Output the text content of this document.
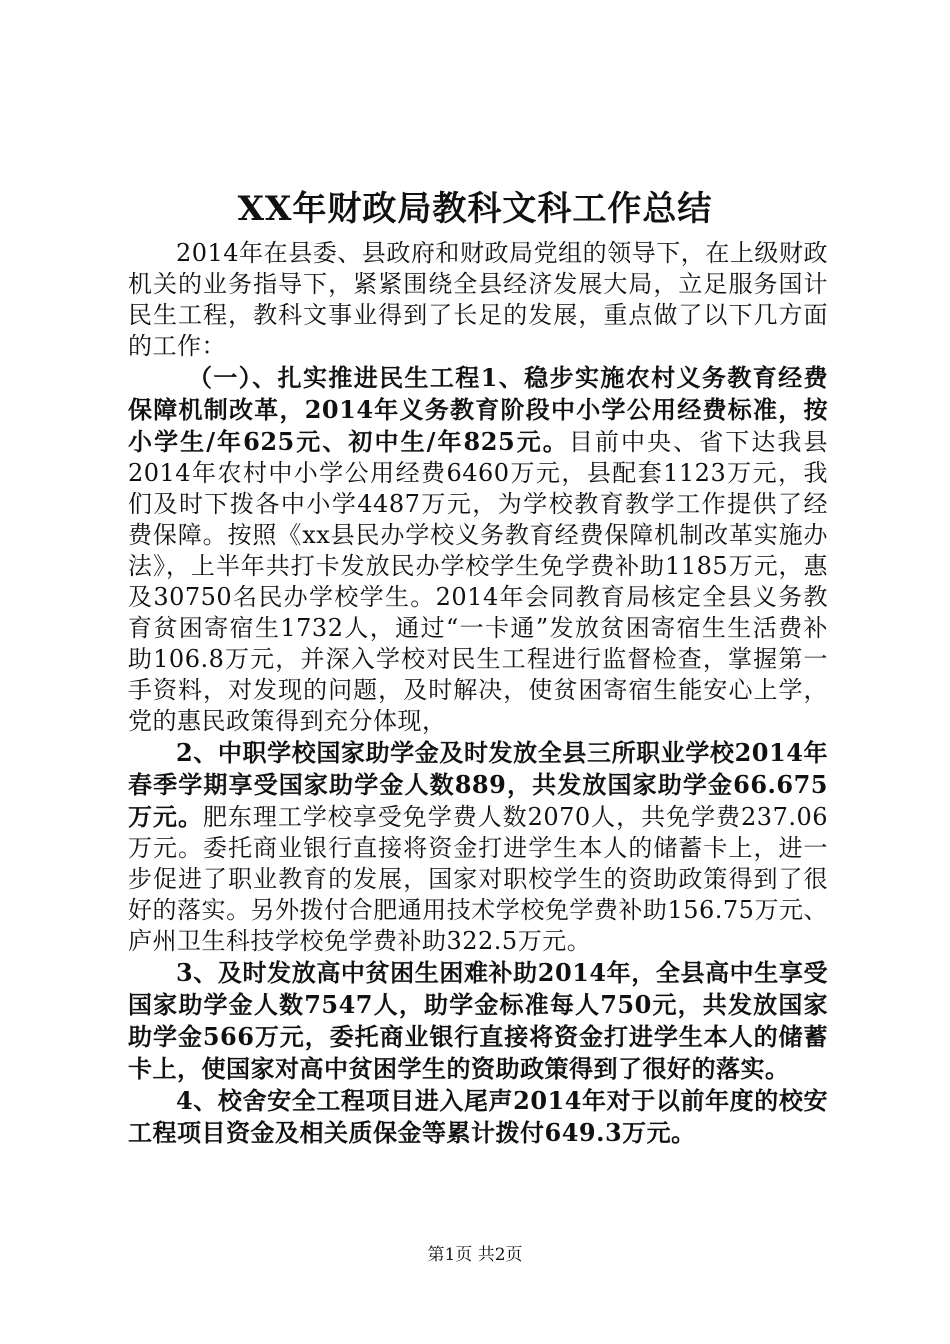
XX年财政局教科文科工作总结

2014年在县委、县政府和财政局党组的领导下，在上级财政机关的业务指导下，紧紧围绕全县经济发展大局，立足服务国计民生工程，教科文事业得到了长足的发展，重点做了以下几方面的工作：

（一）、扎实推进民生工程1、稳步实施农村义务教育经费保障机制改革，2014年义务教育阶段中小学公用经费标准，按小学生/年625元、初中生/年825元。目前中央、省下达我县2014年农村中小学公用经费6460万元，县配套1123万元，我们及时下拨各中小学4487万元，为学校教育教学工作提供了经费保障。按照《xx县民办学校义务教育经费保障机制改革实施办法》，上半年共打卡发放民办学校学生免学费补助1185万元，惠及30750名民办学校学生。2014年会同教育局核定全县义务教育贫困寄宿生1732人，通过“一卡通”发放贫困寄宿生生活费补助106.8万元，并深入学校对民生工程进行监督检查，掌握第一手资料，对发现的问题，及时解决，使贫困寄宿生能安心上学，党的惠民政策得到充分体现，

2、中职学校国家助学金及时发放全县三所职业学校2014年春季学期享受国家助学金人数889，共发放国家助学金66.675万元。肥东理工学校享受免学费人数2070人，共免学费237.06万元。委托商业银行直接将资金打进学生本人的储蓄卡上，进一步促进了职业教育的发展，国家对职校学生的资助政策得到了很好的落实。另外拨付合肥通用技术学校免学费补助156.75万元、庐州卫生科技学校免学费补助322.5万元。

3、及时发放高中贫困生困难补助2014年，全县高中生享受国家助学金人数7547人，助学金标准每人750元，共发放国家助学金566万元，委托商业银行直接将资金打进学生本人的储蓄卡上，使国家对高中贫困学生的资助政策得到了很好的落实。

4、校舍安全工程项目进入尾声2014年对于以前年度的校安工程项目资金及相关质保金等累计拨付649.3万元。

第1页 共2页
